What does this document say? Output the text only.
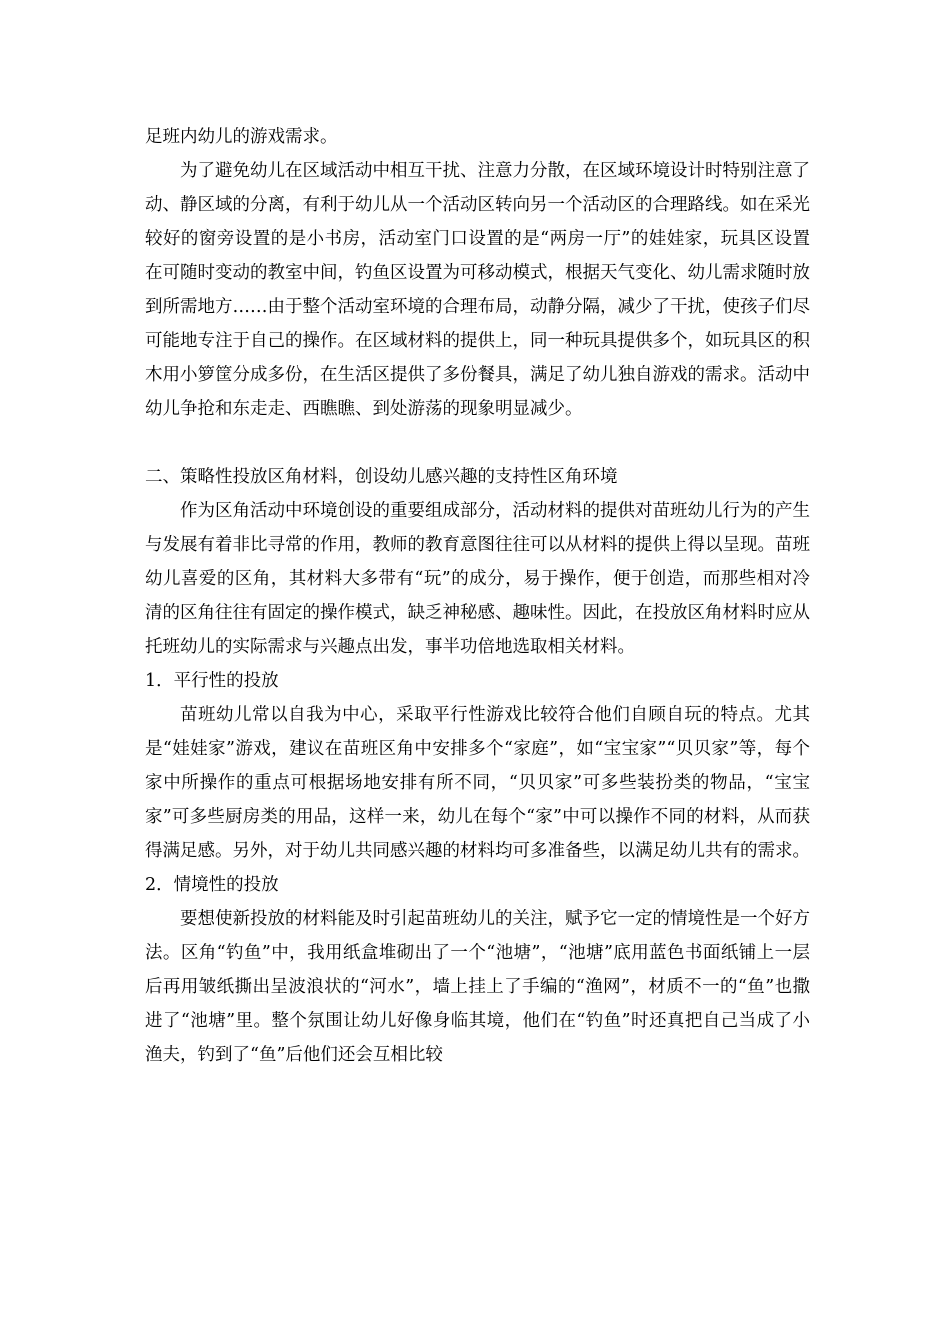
足班内幼儿的游戏需求。

为了避免幼儿在区域活动中相互干扰、注意力分散，在区域环境设计时特别注意了动、静区域的分离，有利于幼儿从一个活动区转向另一个活动区的合理路线。如在采光较好的窗旁设置的是小书房，活动室门口设置的是“两房一厅”的娃娃家，玩具区设置在可随时变动的教室中间，钓鱼区设置为可移动模式，根据天气变化、幼儿需求随时放到所需地方……由于整个活动室环境的合理布局，动静分隔，减少了干扰，使孩子们尽可能地专注于自己的操作。在区域材料的提供上，同一种玩具提供多个，如玩具区的积木用小箩筐分成多份，在生活区提供了多份餐具，满足了幼儿独自游戏的需求。活动中幼儿争抢和东走走、西瞧瞧、到处游荡的现象明显减少。

二、策略性投放区角材料，创设幼儿感兴趣的支持性区角环境

作为区角活动中环境创设的重要组成部分，活动材料的提供对苗班幼儿行为的产生与发展有着非比寻常的作用，教师的教育意图往往可以从材料的提供上得以呈现。苗班幼儿喜爱的区角，其材料大多带有“玩”的成分，易于操作，便于创造，而那些相对冷清的区角往往有固定的操作模式，缺乏神秘感、趣味性。因此，在投放区角材料时应从托班幼儿的实际需求与兴趣点出发，事半功倍地选取相关材料。

1．平行性的投放

苗班幼儿常以自我为中心，采取平行性游戏比较符合他们自顾自玩的特点。尤其是“娃娃家”游戏，建议在苗班区角中安排多个“家庭”，如“宝宝家”“贝贝家”等，每个家中所操作的重点可根据场地安排有所不同，“贝贝家”可多些装扮类的物品，“宝宝家”可多些厨房类的用品，这样一来，幼儿在每个“家”中可以操作不同的材料，从而获得满足感。另外，对于幼儿共同感兴趣的材料均可多准备些，以满足幼儿共有的需求。

2．情境性的投放

要想使新投放的材料能及时引起苗班幼儿的关注，赋予它一定的情境性是一个好方法。区角“钓鱼”中，我用纸盒堆砌出了一个“池塘”，“池塘”底用蓝色书面纸铺上一层后再用皱纸撕出呈波浪状的“河水”，墙上挂上了手编的“渔网”，材质不一的“鱼”也撒进了“池塘”里。整个氛围让幼儿好像身临其境，他们在“钓鱼”时还真把自己当成了小渔夫，钓到了“鱼”后他们还会互相比较
